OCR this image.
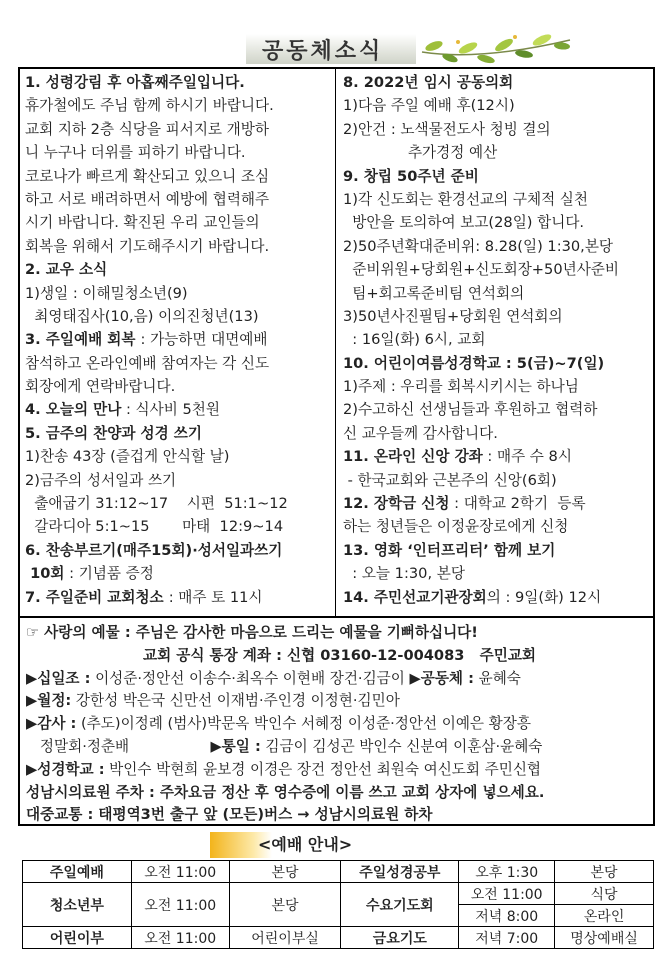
공동체소식
1. 성령강림 후 아홉째주일입니다.
휴가철에도 주님 함께 하시기 바랍니다.
교회 지하 2층 식당을 피서지로 개방하
니 누구나 더위를 피하기 바랍니다.
코로나가 빠르게 확산되고 있으니 조심
하고 서로 배려하면서 예방에 협력해주
시기 바랍니다. 확진된 우리 교인들의
회복을 위해서 기도해주시기 바랍니다.
2. 교우 소식
1)생일 : 이해밀청소년(9)
최영태집사(10,음) 이의진청년(13)
3. 주일예배 회복 : 가능하면 대면예배
참석하고 온라인예배 참여자는 각 신도
회장에게 연락바랍니다.
4. 오늘의 만나 : 식사비 5천원
5. 금주의 찬양과 성경 쓰기
1)찬송 43장 (즐겁게 안식할 날)
2)금주의 성서일과 쓰기
출애굽기 31:12~17    시편  51:1~12
갈라디아 5:1~15       마태  12:9~14
6. 찬송부르기(매주15회)·성서일과쓰기
10회 : 기념품 증정
7. 주일준비 교회청소 : 매주 토 11시
8. 2022년 임시 공동의회
1)다음 주일 예배 후(12시)
2)안건 : 노색물전도사 청빙 결의
추가경정 예산
9. 창립 50주년 준비
1)각 신도회는 환경선교의 구체적 실천
방안을 토의하여 보고(28일) 합니다.
2)50주년확대준비위: 8.28(일) 1:30,본당
준비위원+당회원+신도회장+50년사준비
팀+회고록준비팀 연석회의
3)50년사진필팀+당회원 연석회의
: 16일(화) 6시, 교회
10. 어린이여름성경학교 : 5(금)~7(일)
1)주제 : 우리를 회복시키시는 하나님
2)수고하신 선생님들과 후원하고 협력하
신 교우들께 감사합니다.
11. 온라인 신앙 강좌 : 매주 수 8시
- 한국교회와 근본주의 신앙(6회)
12. 장학금 신청 : 대학교 2학기  등록
하는 청년들은 이정윤장로에게 신청
13. 영화 ‘인터프리터’ 함께 보기
: 오늘 1:30, 본당
14. 주민선교기관장회의 : 9일(화) 12시
☞ 사랑의 예물 : 주님은 감사한 마음으로 드리는 예물을 기뻐하십니다!
교회 공식 통장 계좌 : 신협 03160-12-004083   주민교회
▶십일조 : 이성준·정안선 이송수·최옥수 이현배 장건·김금이 ▶공동체 : 윤혜숙
▶월정: 강한성 박은국 신만선 이재범·주인경 이정현·김민아
▶감사 : (추도)이정례 (범사)박문옥 박인수 서혜정 이성준·정안선 이예은 황장흥
정말회·정춘배                ▶통일 : 김금이 김성곤 박인수 신분여 이훈삼·윤혜숙
▶성경학교 : 박인수 박현희 윤보경 이경은 장건 정안선 최원숙 여신도회 주민신협
성남시의료원 주차 : 주차요금 정산 후 영수증에 이름 쓰고 교회 상자에 넣으세요.
대중교통 : 태평역3번 출구 앞 (모든)버스 → 성남시의료원 하차
<예배 안내>
주일예배	오전 11:00	본당	주일성경공부	오후 1:30	본당
청소년부	오전 11:00	본당	수요기도회	오전 11:00	식당
				저녁 8:00	온라인
어린이부	오전 11:00	어린이부실	금요기도	저녁 7:00	명상예배실
